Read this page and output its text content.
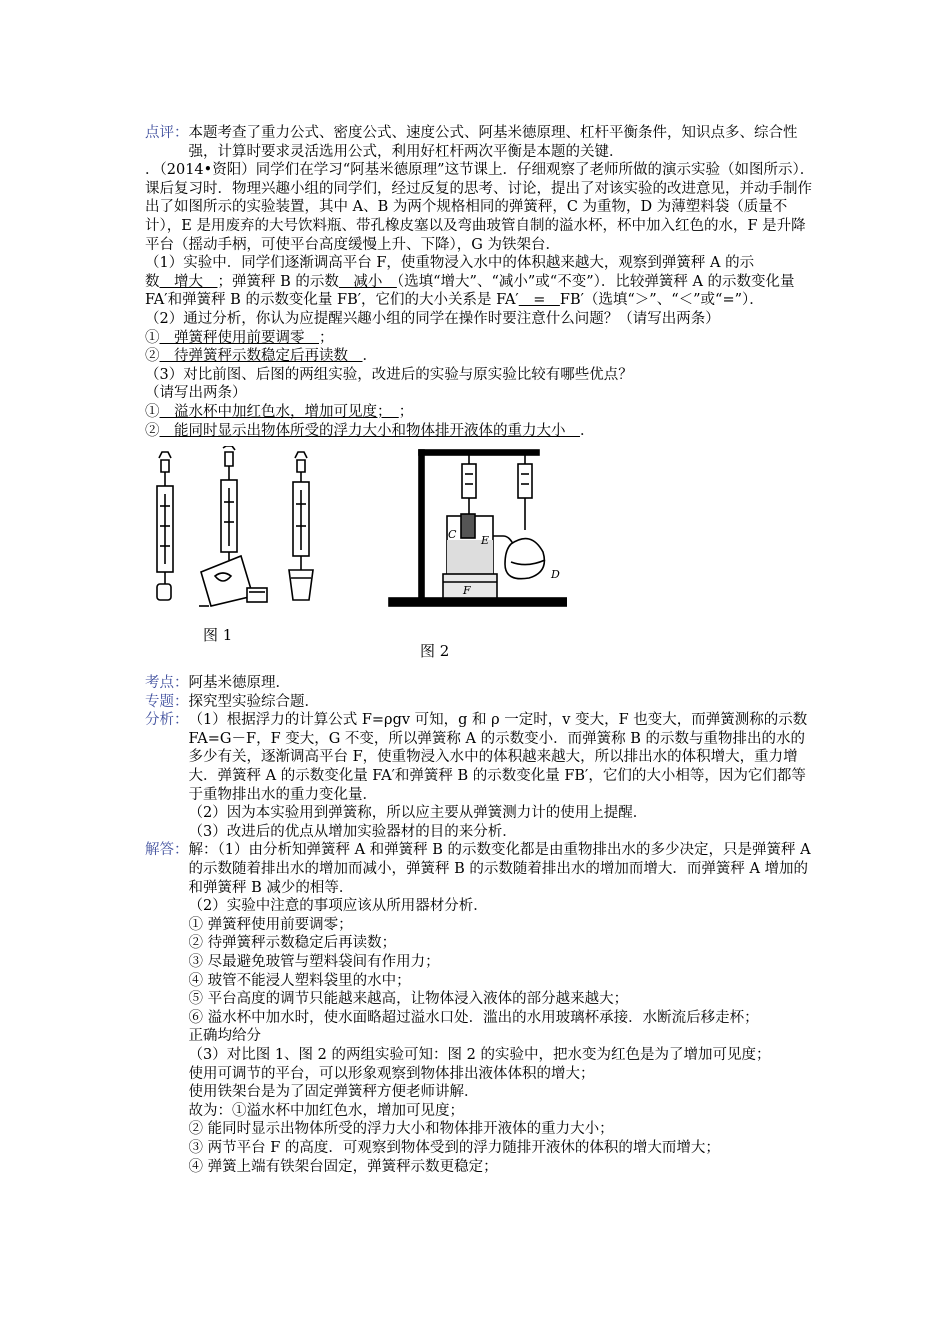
点评： 本题考查了重力公式、密度公式、速度公式、阿基米德原理、杠杆平衡条件，知识点多、综合性强，计算时要求灵活选用公式，利用好杠杆两次平衡是本题的关键．

．（2014•资阳）同学们在学习“阿基米德原理”这节课上．仔细观察了老师所做的演示实验（如图所示）．课后复习时．物理兴趣小组的同学们，经过反复的思考、讨论，提出了对该实验的改进意见，并动手制作出了如图所示的实验装置，其中 A、B 为两个规格相同的弹簧秤，C 为重物，D 为薄塑料袋（质量不计），E 是用废弃的大号饮料瓶、带孔橡皮塞以及弯曲玻管自制的溢水杯，杯中加入红色的水，F 是升降平台（摇动手柄，可使平台高度缓慢上升、下降），G 为铁架台．

（1）实验中．同学们逐渐调高平台 F，使重物浸入水中的体积越来越大，观察到弹簧秤 A 的示数　增大　；弹簧秤 B 的示数　减小　（选填“增大”、“减小”或“不变”）．比较弹簧秤 A 的示数变化量 FA′和弹簧秤 B 的示数变化量 FB′，它们的大小关系是 FA′　=　FB′（选填“＞”、“＜”或“=”）．

（2）通过分析，你认为应提醒兴趣小组的同学在操作时要注意什么问题？（请写出两条）

①　弹簧秤使用前要调零　；

②　待弹簧秤示数稳定后再读数　．

（3）对比前图、后图的两组实验，改进后的实验与原实验比较有哪些优点？

（请写出两条）

①　溢水杯中加红色水，增加可见度；　；

②　能同时显示出物体所受的浮力大小和物体排开液体的重力大小　．

图 1
C E
F
D
图 2
考点： 阿基米德原理．
专题： 探究型实验综合题．
分析： （1）根据浮力的计算公式 F=ρgv 可知，g 和 ρ 一定时，v 变大，F 也变大，而弹簧测称的示数 FA=G－F，F 变大，G 不变，所以弹簧称 A 的示数变小．而弹簧称 B 的示数与重物排出的水的多少有关，逐渐调高平台 F，使重物浸入水中的体积越来越大，所以排出水的体积增大，重力增大．弹簧秤 A 的示数变化量 FA′和弹簧秤 B 的示数变化量 FB′，它们的大小相等，因为它们都等于重物排出水的重力变化量．

（2）因为本实验用到弹簧称，所以应主要从弹簧测力计的使用上提醒．

（3）改进后的优点从增加实验器材的目的来分析．

解答： 解：（1）由分析知弹簧秤 A 和弹簧秤 B 的示数变化都是由重物排出水的多少决定，只是弹簧秤 A 的示数随着排出水的增加而减小，弹簧秤 B 的示数随着排出水的增加而增大．而弹簧秤 A 增加的和弹簧秤 B 减少的相等．

（2）实验中注意的事项应该从所用器材分析．

① 弹簧秤使用前要调零；

② 待弹簧秤示数稳定后再读数；

③ 尽最避免玻管与塑料袋间有作用力；

④ 玻管不能浸人塑料袋里的水中；

⑤ 平台高度的调节只能越来越高，让物体浸入液体的部分越来越大；

⑥ 溢水杯中加水时，使水面略超过溢水口处．滥出的水用玻璃杯承接．水断流后移走杯；

正确均给分

（3）对比图 1、图 2 的两组实验可知：图 2 的实验中，把水变为红色是为了增加可见度；

使用可调节的平台，可以形象观察到物体排出液体体积的增大；

使用铁架台是为了固定弹簧秤方便老师讲解．

故为：①溢水杯中加红色水，增加可见度；

② 能同时显示出物体所受的浮力大小和物体排开液体的重力大小；

③ 两节平台 F 的高度．可观察到物体受到的浮力随排开液休的体积的增大而增大；

④ 弹簧上端有铁架台固定，弹簧秤示数更稳定；
